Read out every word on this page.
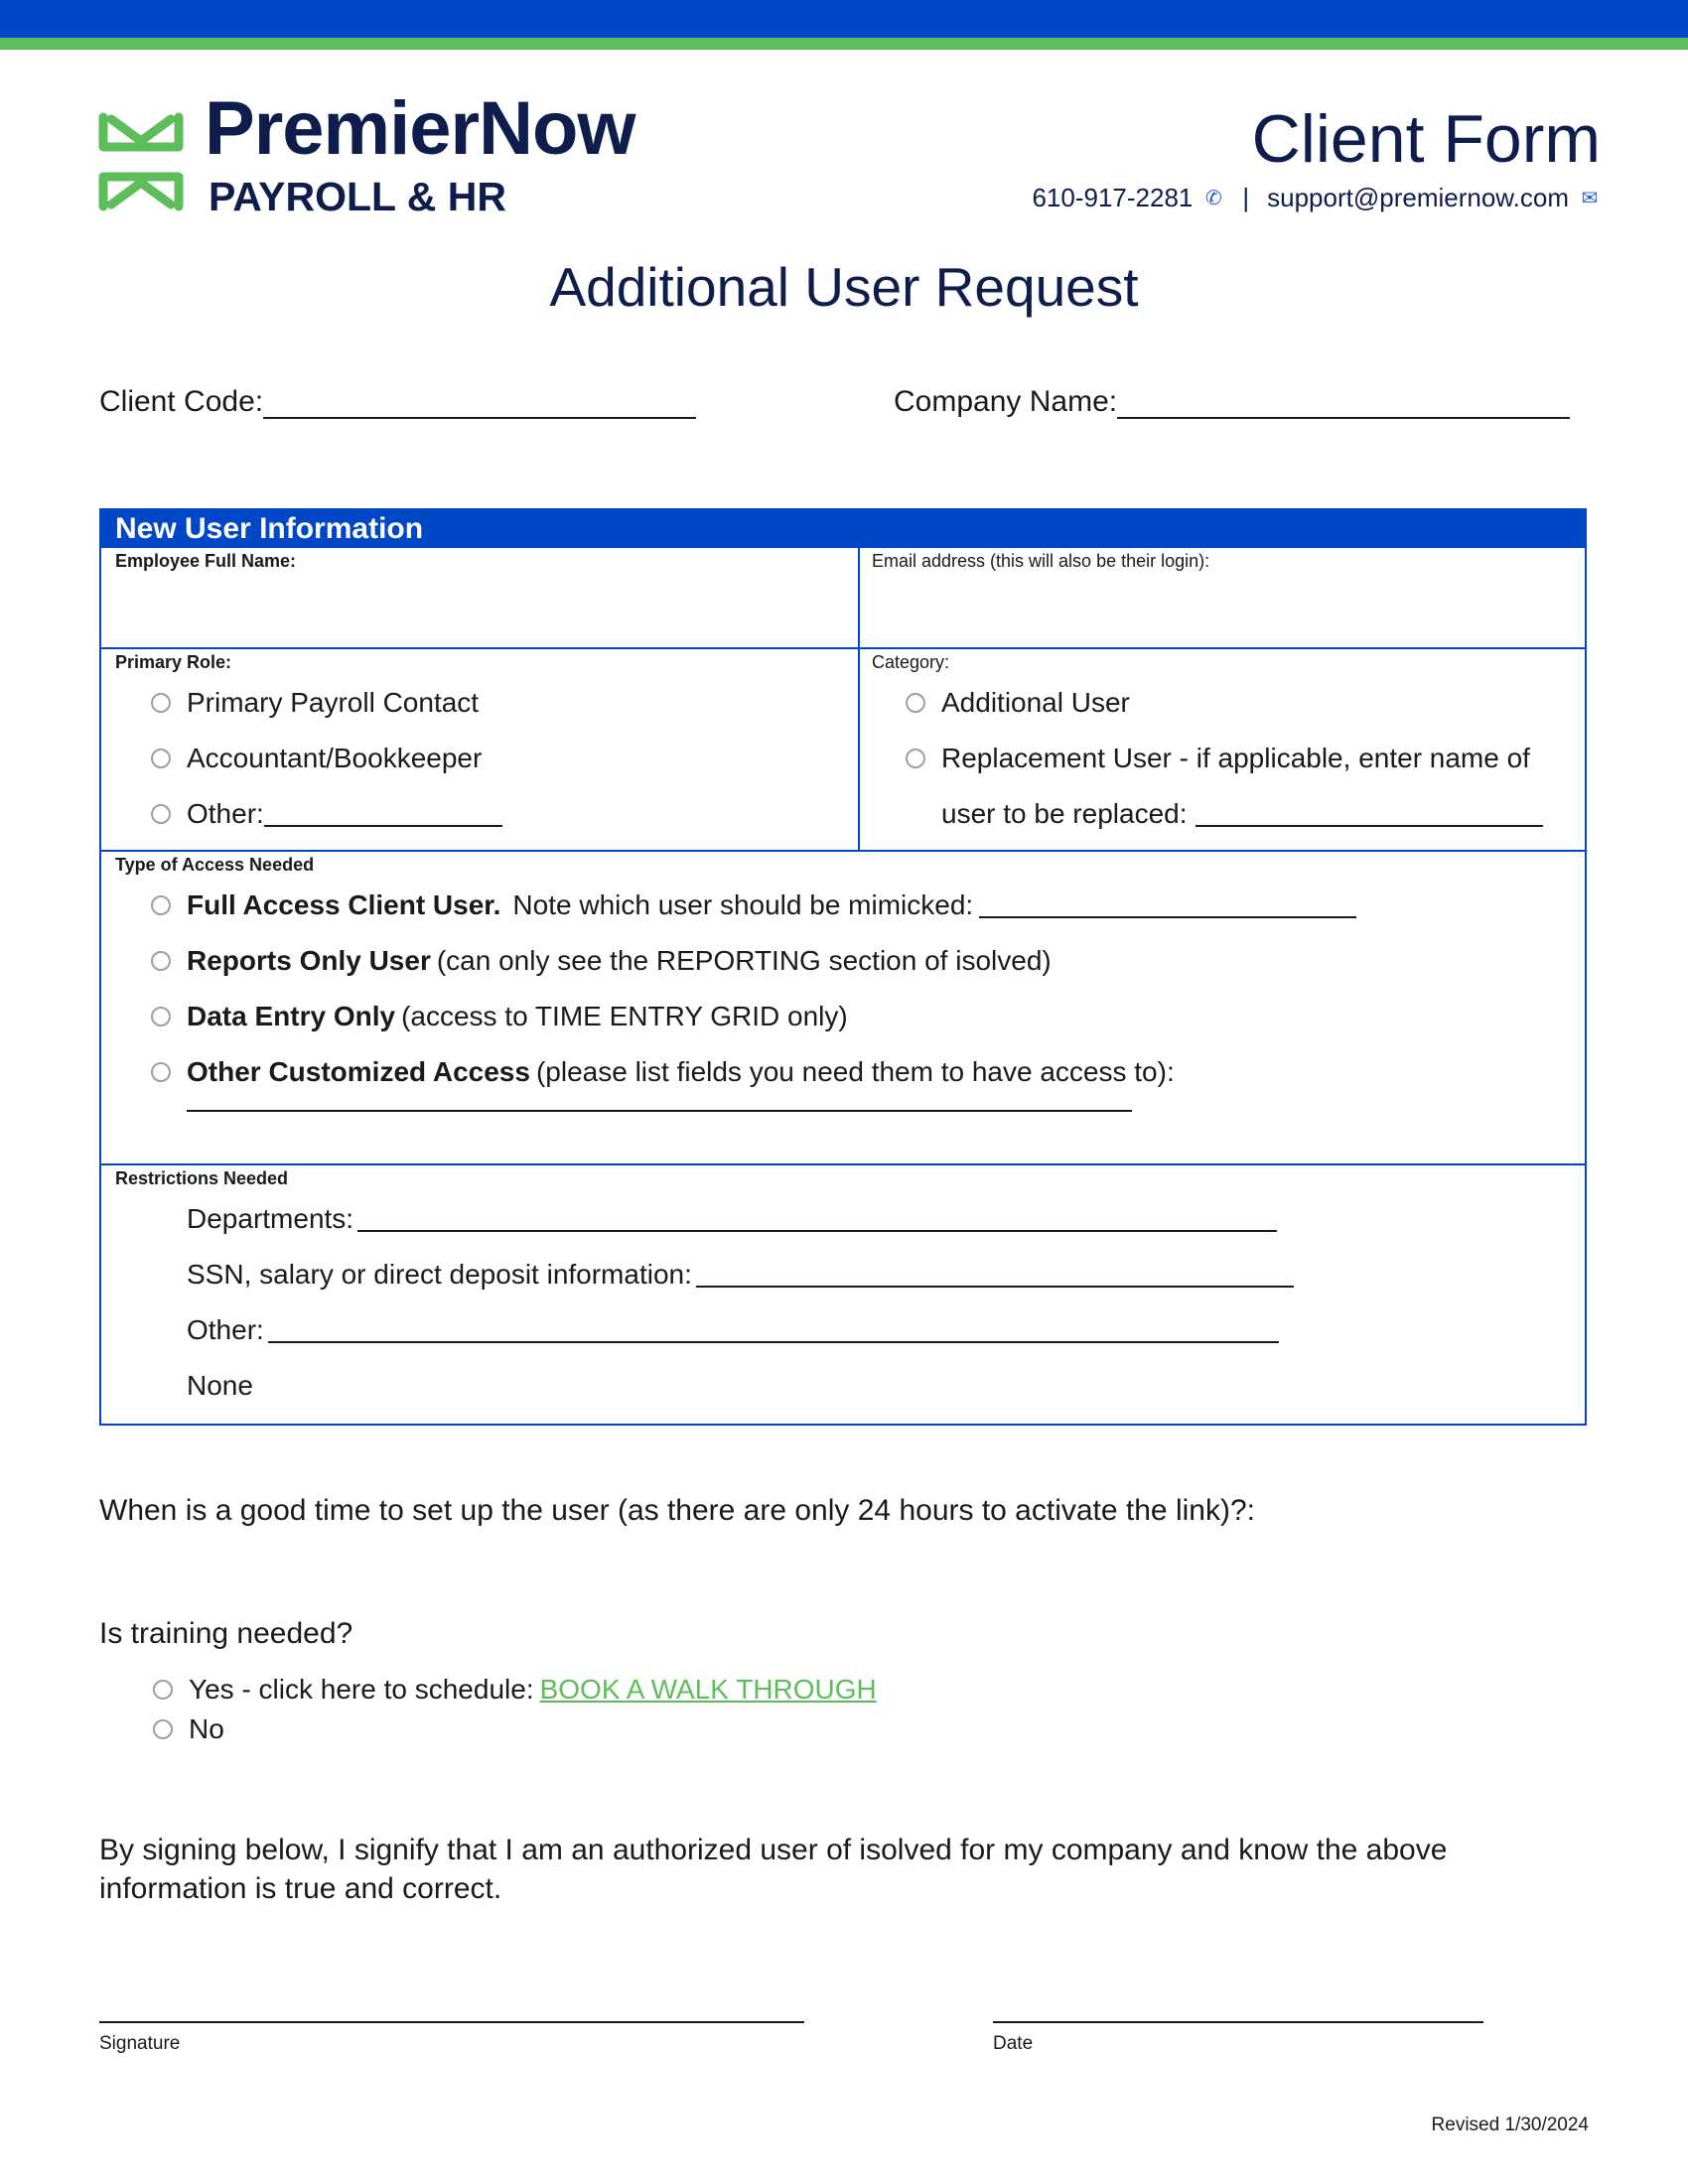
PremierNow
PAYROLL & HR
Client Form
610-917-2281 ✆ | support@premiernow.com ✉
Additional User Request
Client Code:	Company Name:
New User Information
Employee Full Name:	Email address (this will also be their login):
Primary Role:
Primary Payroll Contact
Accountant/Bookkeeper
Other:
Category:
Additional User
Replacement User - if applicable, enter name of
user to be replaced:
Type of Access Needed
Full Access Client User. Note which user should be mimicked:
Reports Only User (can only see the REPORTING section of isolved)
Data Entry Only (access to TIME ENTRY GRID only)
Other Customized Access (please list fields you need them to have access to):
Restrictions Needed
Departments:
SSN, salary or direct deposit information:
Other:
None
When is a good time to set up the user (as there are only 24 hours to activate the link)?:
Is training needed?
Yes - click here to schedule: BOOK A WALK THROUGH
No
By signing below, I signify that I am an authorized user of isolved for my company and know the above
information is true and correct.
Signature	Date
Revised 1/30/2024
